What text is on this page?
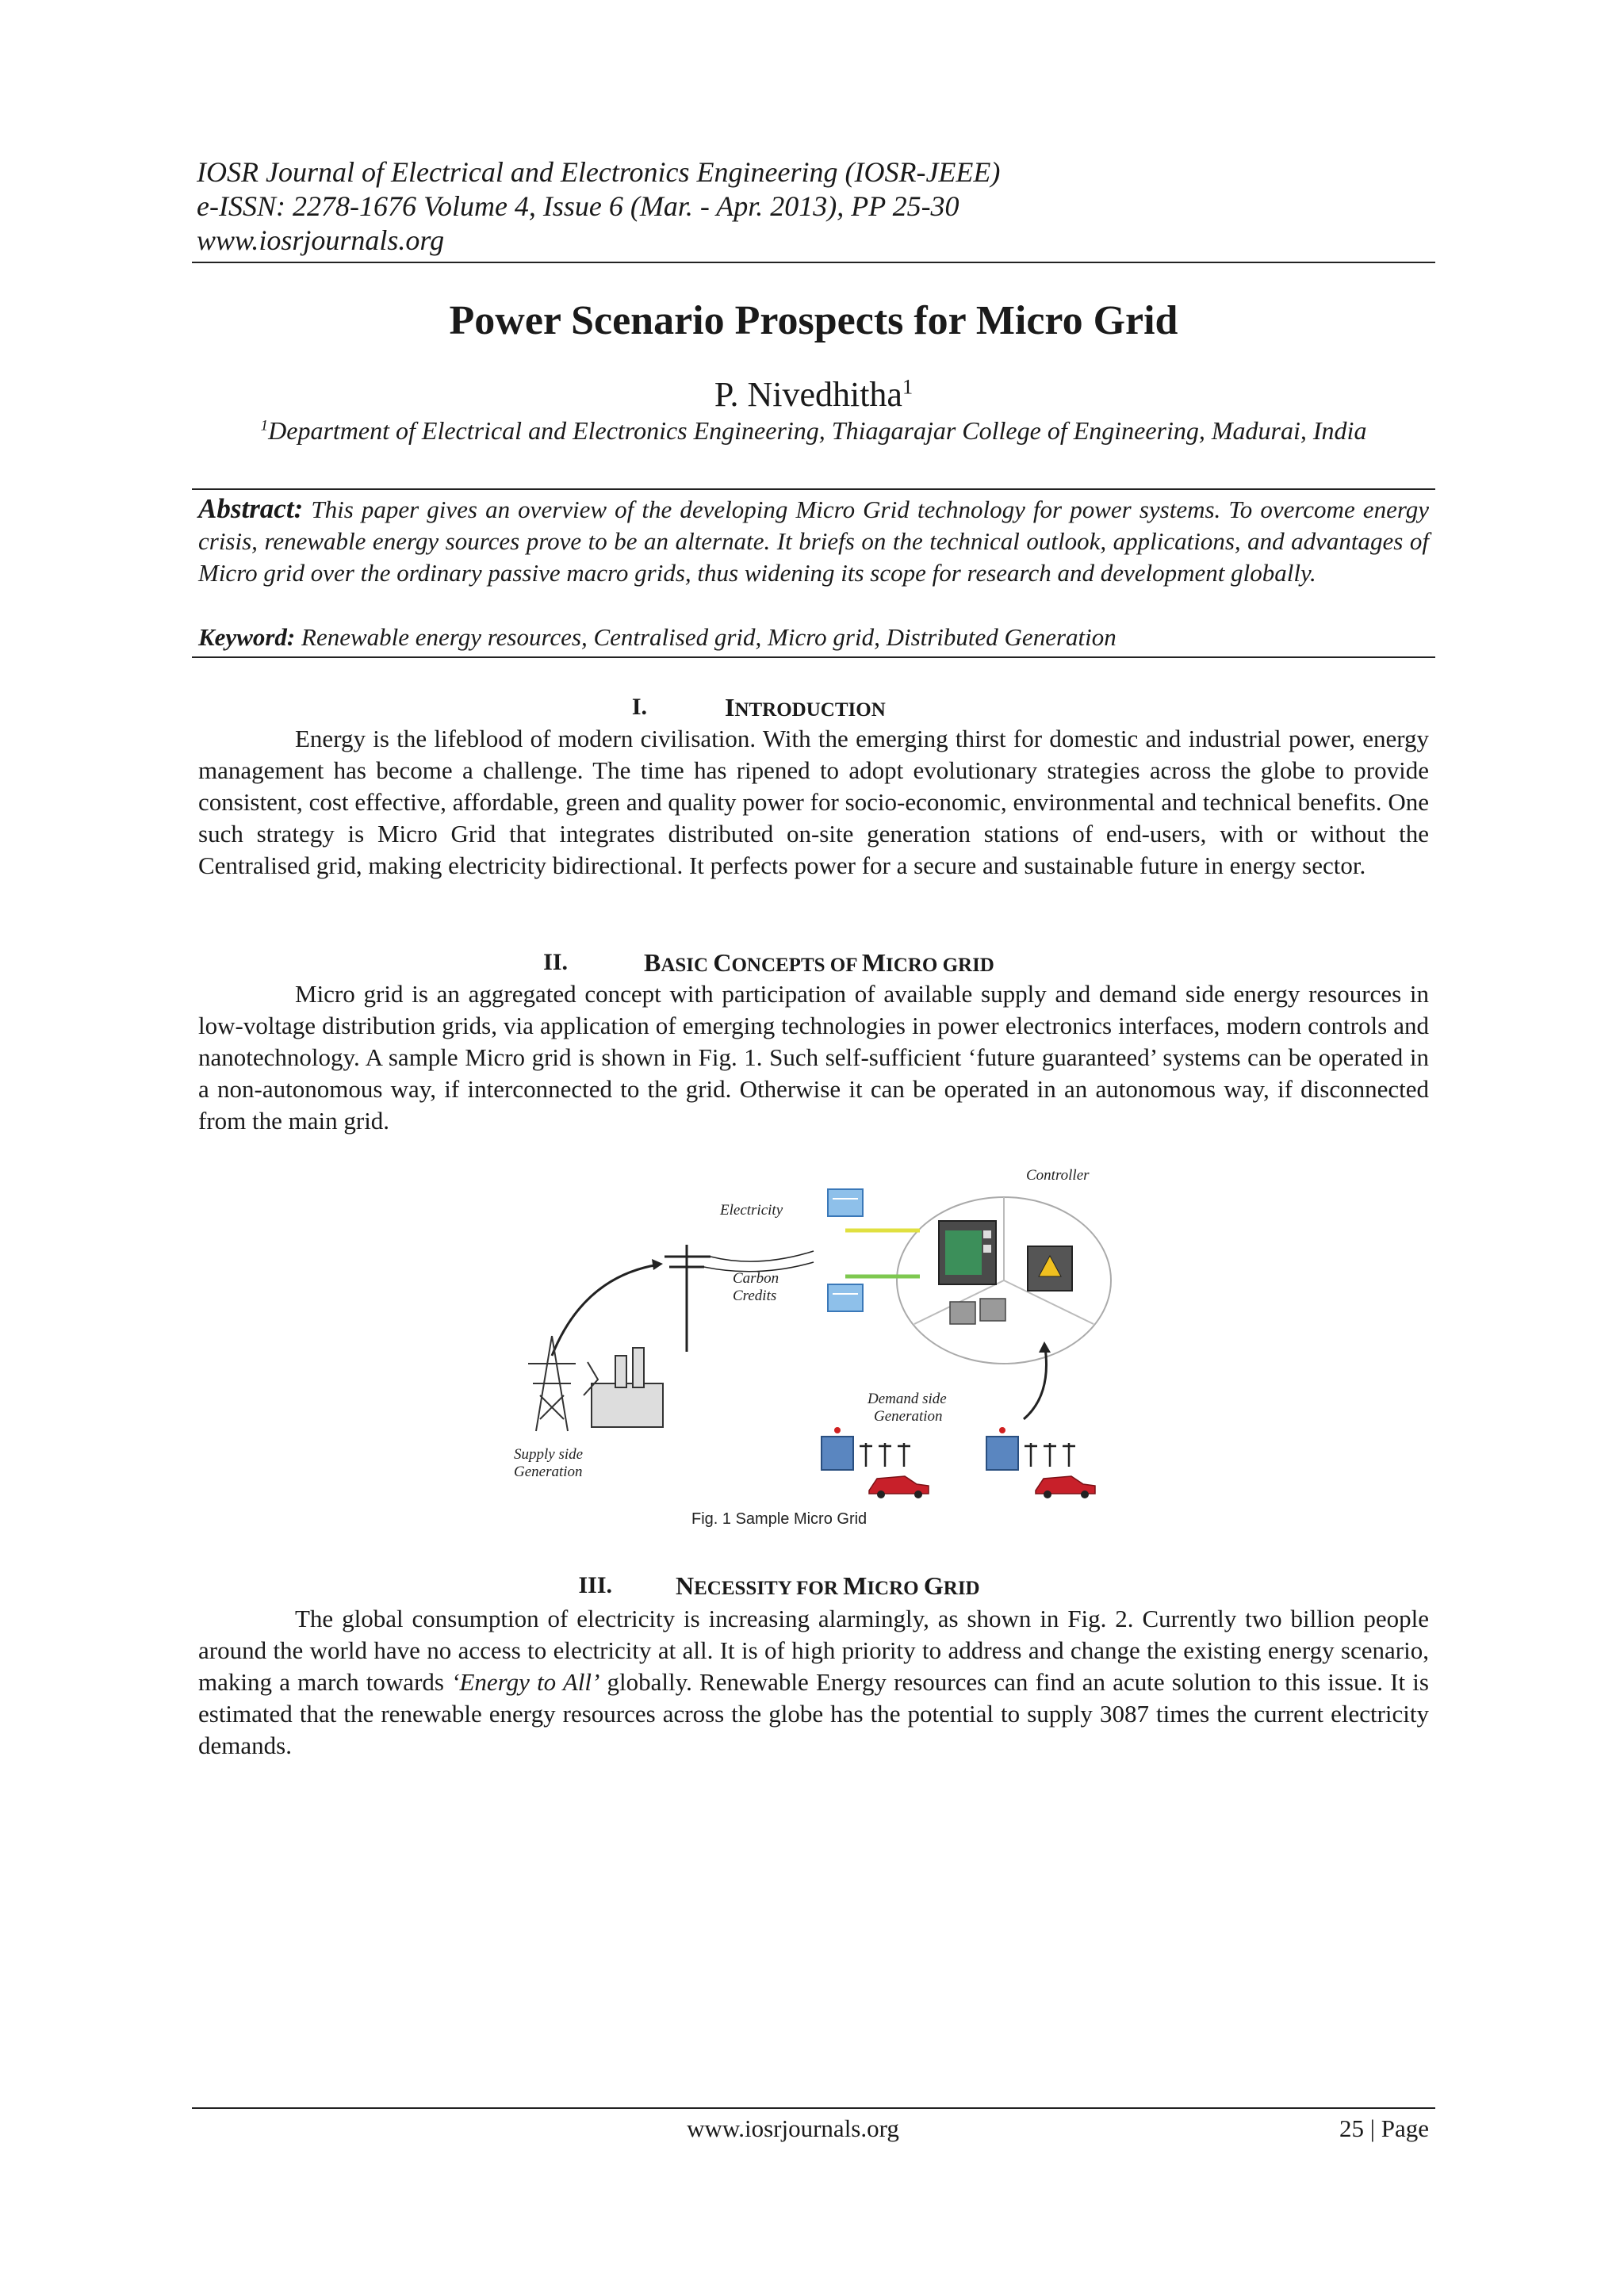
IOSR Journal of Electrical and Electronics Engineering (IOSR-JEEE)
e-ISSN: 2278-1676 Volume 4, Issue 6 (Mar. - Apr. 2013), PP 25-30
www.iosrjournals.org
Power Scenario Prospects for Micro Grid
P. Nivedhitha$^1$
$^1$Department of Electrical and Electronics Engineering, Thiagarajar College of Engineering, Madurai, India
Abstract: This paper gives an overview of the developing Micro Grid technology for power systems. To overcome energy crisis, renewable energy sources prove to be an alternate. It briefs on the technical outlook, applications, and advantages of Micro grid over the ordinary passive macro grids, thus widening its scope for research and development globally.
Keyword: Renewable energy resources, Centralised grid, Micro grid, Distributed Generation
I.	INTRODUCTION

Energy is the lifeblood of modern civilisation. With the emerging thirst for domestic and industrial power, energy management has become a challenge. The time has ripened to adopt evolutionary strategies across the globe to provide consistent, cost effective, affordable, green and quality power for socio-economic, environmental and technical benefits. One such strategy is Micro Grid that integrates distributed on-site generation stations of end-users, with or without the Centralised grid, making electricity bidirectional. It perfects power for a secure and sustainable future in energy sector.

II.	BASIC CONCEPTS OF MICRO GRID

Micro grid is an aggregated concept with participation of available supply and demand side energy resources in low-voltage distribution grids, via application of emerging technologies in power electronics interfaces, modern controls and nanotechnology. A sample Micro grid is shown in Fig. 1. Such self-sufficient ‘future guaranteed’ systems can be operated in a non-autonomous way, if interconnected to the grid. Otherwise it can be operated in an autonomous way, if disconnected from the main grid.

Controller
Electricity
Carbon
Credits
Supply side
Generation
Demand side
Generation
Fig. 1 Sample Micro Grid
III.	NECESSITY FOR MICRO GRID

The global consumption of electricity is increasing alarmingly, as shown in Fig. 2. Currently two billion people around the world have no access to electricity at all. It is of high priority to address and change the existing energy scenario, making a march towards ‘Energy to All’ globally. Renewable Energy resources can find an acute solution to this issue. It is estimated that the renewable energy resources across the globe has the potential to supply 3087 times the current electricity demands.

www.iosrjournals.org	25 | Page
